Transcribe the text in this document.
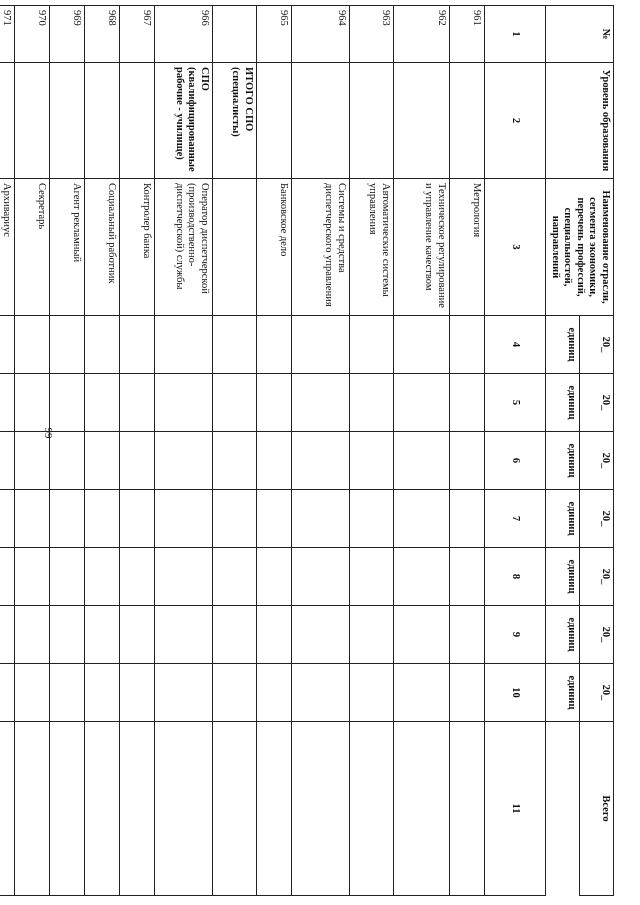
99
№	Уровень образования	Наименование отрасли, сегмента экономики, перечень профессий, специальностей, направлений	20_	20_	20_	20_	20_	20_	20_	Всего
			единиц	единиц	единиц	единиц	единиц	единиц	единиц	
1	2	3	4	5	6	7	8	9	10	11
961		Метрология								
962		Техническое регулирование и управление качеством								
963		Автоматические системы управления								
964		Системы и средства диспетчерского управления								
965		Банковское дело								
	ИТОГО СПО (специалисты)									
966	СПО (квалифицированные рабочие - училище)	Оператор диспетчерской (производственно-диспетчерской) службы								
967		Контролер банка								
968		Социальный работник								
969		Агент рекламный								
970		Секретарь								
971		Архивариус								
